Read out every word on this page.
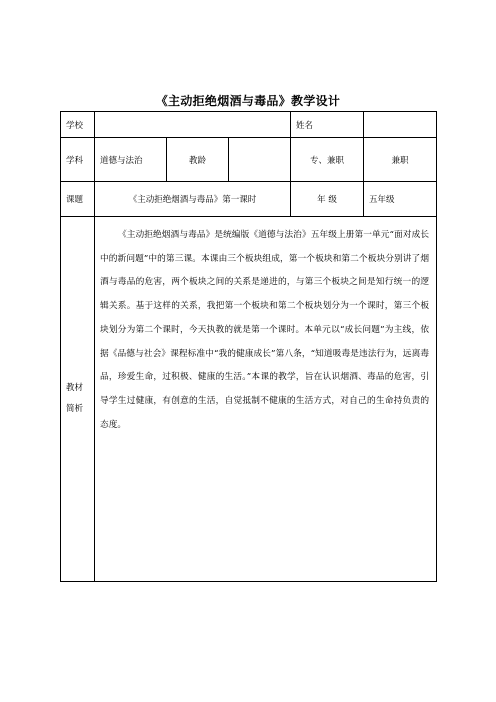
《主动拒绝烟酒与毒品》教学设计
学校				姓名	
学科	道德与法治	教龄		专、兼职	兼职
课题	《主动拒绝烟酒与毒品》第一课时			年 级	五年级

教材
简析	《主动拒绝烟酒与毒品》是统编版《道德与法治》五年级上册第一单元“面对成长中的新问题”中的第三课。本课由三个板块组成，第一个板块和第二个板块分别讲了烟酒与毒品的危害，两个板块之间的关系是递进的，与第三个板块之间是知行统一的逻辑关系。基于这样的关系，我把第一个板块和第二个板块划分为一个课时，第三个板块划分为第二个课时，今天执教的就是第一个课时。本单元以“成长问题”为主线，依据《品德与社会》课程标准中“我的健康成长”第八条，“知道吸毒是违法行为，远离毒品，珍爱生命，过积极、健康的生活。”本课的教学，旨在认识烟酒、毒品的危害，引导学生过健康，有创意的生活，自觉抵制不健康的生活方式，对自己的生命持负责的态度。				
